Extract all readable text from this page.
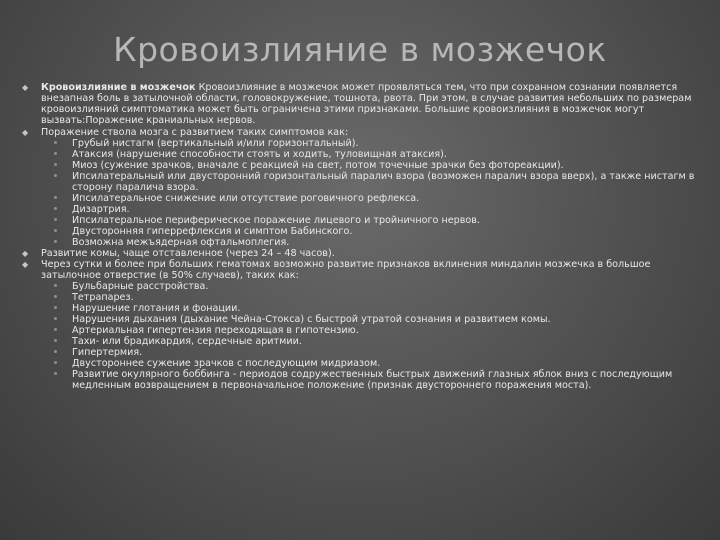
Кровоизлияние в мозжечок
◆ Кровоизлияние в мозжечок Кровоизлияние в мозжечок может проявляться тем, что при сохранном сознании появляется внезапная боль в затылочной области, головокружение, тошнота, рвота. При этом, в случае развития небольших по размерам кровоизлияний симптоматика может быть ограничена этими признаками. Большие кровоизлияния в мозжечок могут вызвать:Поражение краниальных нервов.

◆ Поражение ствола мозга с развитием таких симптомов как:

Грубый нистагм (вертикальный и/или горизонтальный).

Атаксия (нарушение способности стоять и ходить, туловищная атаксия).

Миоз (сужение зрачков, вначале с реакцией на свет, потом точечные зрачки без фотореакции).

Ипсилатеральный или двусторонний горизонтальный паралич взора (возможен паралич взора вверх), а также нистагм в сторону паралича взора.

Ипсилатеральное снижение или отсутствие роговичного рефлекса.

Дизартрия.

Ипсилатеральное периферическое поражение лицевого и тройничного нервов.

Двусторонняя гиперрефлексия и симптом Бабинского.

Возможна межъядерная офтальмоплегия.

◆ Развитие комы, чаще отставленное (через 24 – 48 часов).

◆ Через сутки и более при больших гематомах возможно развитие признаков вклинения миндалин мозжечка в большое затылочное отверстие (в 50% случаев), таких как:

Бульбарные расстройства.

Тетрапарез.

Нарушение глотания и фонации.

Нарушения дыхания (дыхание Чейна-Стокса) с быстрой утратой сознания и развитием комы.

Артериальная гипертензия переходящая в гипотензию.

Тахи- или брадикардия, сердечные аритмии.

Гипертермия.

Двустороннее сужение зрачков с последующим мидриазом.

Развитие окулярного боббинга - периодов содружественных быстрых движений глазных яблок вниз с последующим медленным возвращением в первоначальное положение (признак двустороннего поражения моста).
